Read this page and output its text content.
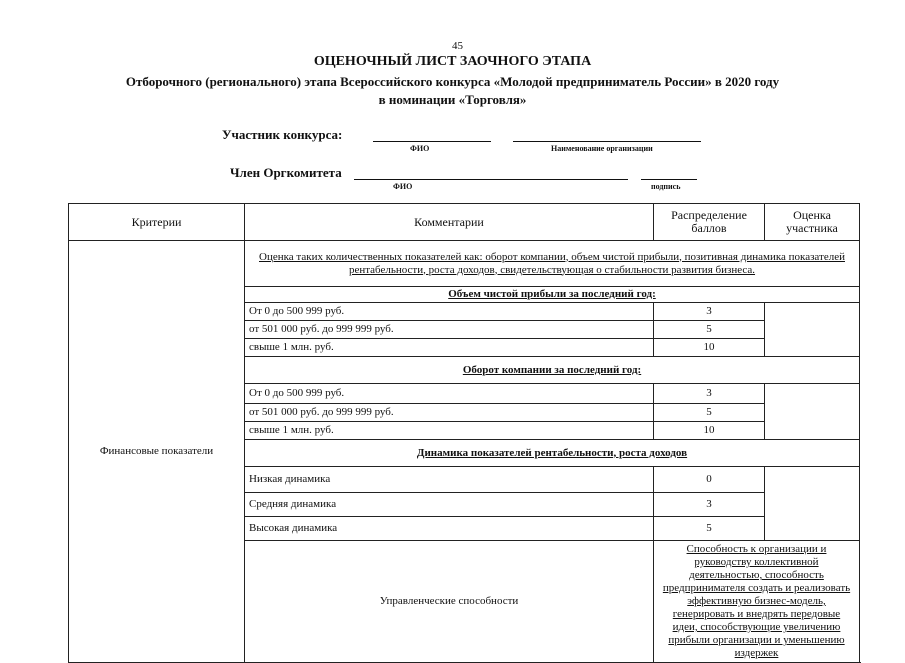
45
ОЦЕНОЧНЫЙ ЛИСТ ЗАОЧНОГО ЭТАПА
Отборочного (регионального) этапа Всероссийского конкурса «Молодой предприниматель России» в 2020 году
в номинации «Торговля»
Участник конкурса:
ФИО	Наименование организации
Член Оргкомитета
ФИО	подпись
Критерии	Комментарии	Распределение баллов	Оценка участника
Финансовые показатели	Оценка таких количественных показателей как: оборот компании, объем чистой прибыли, позитивная динамика показателей рентабельности, роста доходов, свидетельствующая о стабильности развития бизнеса.		
	Объем чистой прибыли за последний год:		
	От 0 до 500 999 руб.	3	
	от 501 000 руб. до 999 999 руб.	5	
	свыше 1 млн. руб.	10	
	Оборот компании за последний год:		
	От 0 до 500 999 руб.	3	
	от 501 000 руб. до 999 999 руб.	5	
	свыше 1 млн. руб.	10	
	Динамика показателей рентабельности, роста доходов		
	Низкая динамика	0	
	Средняя динамика	3	
	Высокая динамика	5	
	Управленческие способности	Способность к организации и руководству коллективной деятельностью, способность предпринимателя создать и реализовать эффективную бизнес-модель, генерировать и внедрять передовые идеи, способствующие увеличению прибыли организации и уменьшению издержек	
